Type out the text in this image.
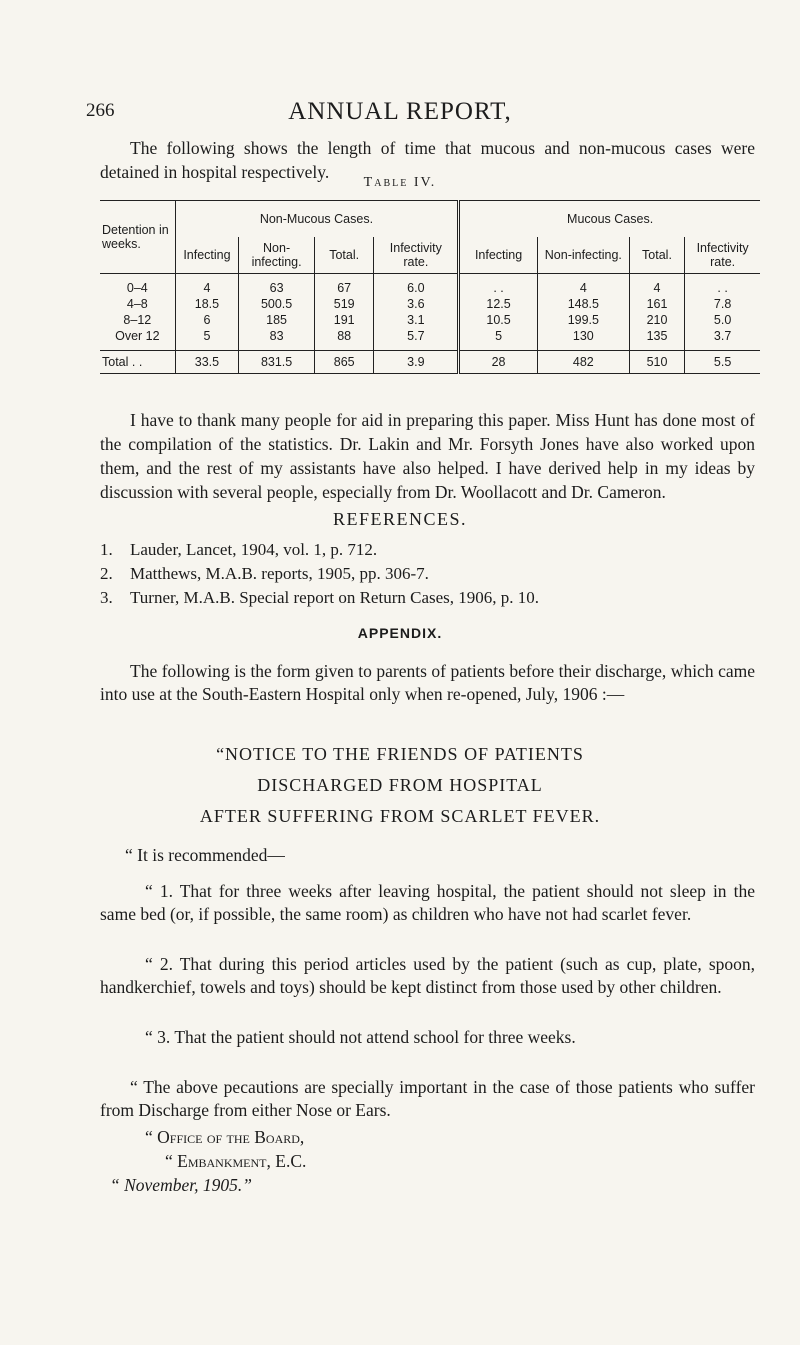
266	ANNUAL REPORT,
The following shows the length of time that mucous and non-mucous cases were detained in hospital respectively.
Table IV.
Detention in weeks.	Non-Mucous Cases.				Mucous Cases.			
	Infecting	Non-infecting.	Total.	Infectivity rate.	Infecting	Non-infecting.	Total.	Infectivity rate.
0–4	4	63	67	6.0	. .	4	4	. .
4–8	18.5	500.5	519	3.6	12.5	148.5	161	7.8
8–12	6	185	191	3.1	10.5	199.5	210	5.0
Over 12	5	83	88	5.7	5	130	135	3.7
Total . .	33.5	831.5	865	3.9	28	482	510	5.5
I have to thank many people for aid in preparing this paper. Miss Hunt has done most of the compilation of the statistics. Dr. Lakin and Mr. Forsyth Jones have also worked upon them, and the rest of my assistants have also helped. I have derived help in my ideas by discussion with several people, especially from Dr. Woollacott and Dr. Cameron.
REFERENCES.
1.	Lauder, Lancet, 1904, vol. 1, p. 712.
2.	Matthews, M.A.B. reports, 1905, pp. 306-7.
3.	Turner, M.A.B. Special report on Return Cases, 1906, p. 10.
APPENDIX.
The following is the form given to parents of patients before their discharge, which came into use at the South-Eastern Hospital only when re-opened, July, 1906 :—
“NOTICE TO THE FRIENDS OF PATIENTS
DISCHARGED FROM HOSPITAL
AFTER SUFFERING FROM SCARLET FEVER.
“ It is recommended—
“ 1. That for three weeks after leaving hospital, the patient should not sleep in the same bed (or, if possible, the same room) as children who have not had scarlet fever.
“ 2. That during this period articles used by the patient (such as cup, plate, spoon, handkerchief, towels and toys) should be kept distinct from those used by other children.
“ 3. That the patient should not attend school for three weeks.
“ The above pecautions are specially important in the case of those patients who suffer from Discharge from either Nose or Ears.
“ Office of the Board,
“ Embankment, E.C.
“ November, 1905.”
